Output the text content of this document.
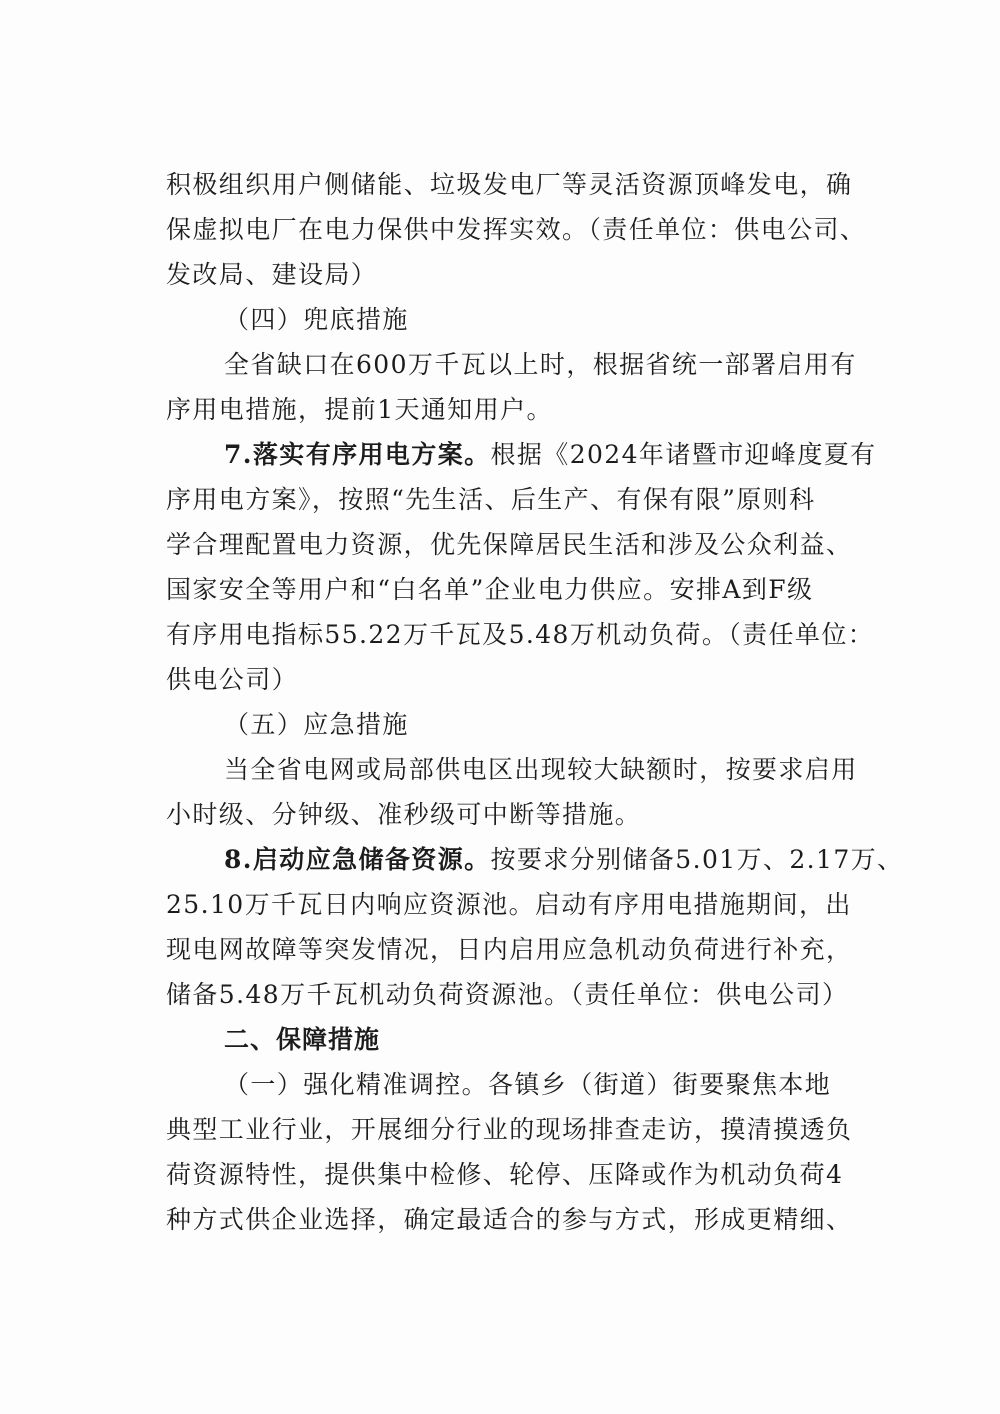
积极组织用户侧储能、垃圾发电厂等灵活资源顶峰发电，确
保虚拟电厂在电力保供中发挥实效。（责任单位：供电公司、
发改局、建设局）
（四）兜底措施
全省缺口在600万千瓦以上时，根据省统一部署启用有
序用电措施，提前1天通知用户。
7.落实有序用电方案。根据《2024年诸暨市迎峰度夏有
序用电方案》，按照“先生活、后生产、有保有限”原则科
学合理配置电力资源，优先保障居民生活和涉及公众利益、
国家安全等用户和“白名单”企业电力供应。安排A到F级
有序用电指标55.22万千瓦及5.48万机动负荷。（责任单位：
供电公司）
（五）应急措施
当全省电网或局部供电区出现较大缺额时，按要求启用
小时级、分钟级、准秒级可中断等措施。
8.启动应急储备资源。按要求分别储备5.01万、2.17万、
25.10万千瓦日内响应资源池。启动有序用电措施期间，出
现电网故障等突发情况，日内启用应急机动负荷进行补充，
储备5.48万千瓦机动负荷资源池。（责任单位：供电公司）
二、保障措施
（一）强化精准调控。各镇乡（街道）街要聚焦本地
典型工业行业，开展细分行业的现场排查走访，摸清摸透负
荷资源特性，提供集中检修、轮停、压降或作为机动负荷4
种方式供企业选择，确定最适合的参与方式，形成更精细、
